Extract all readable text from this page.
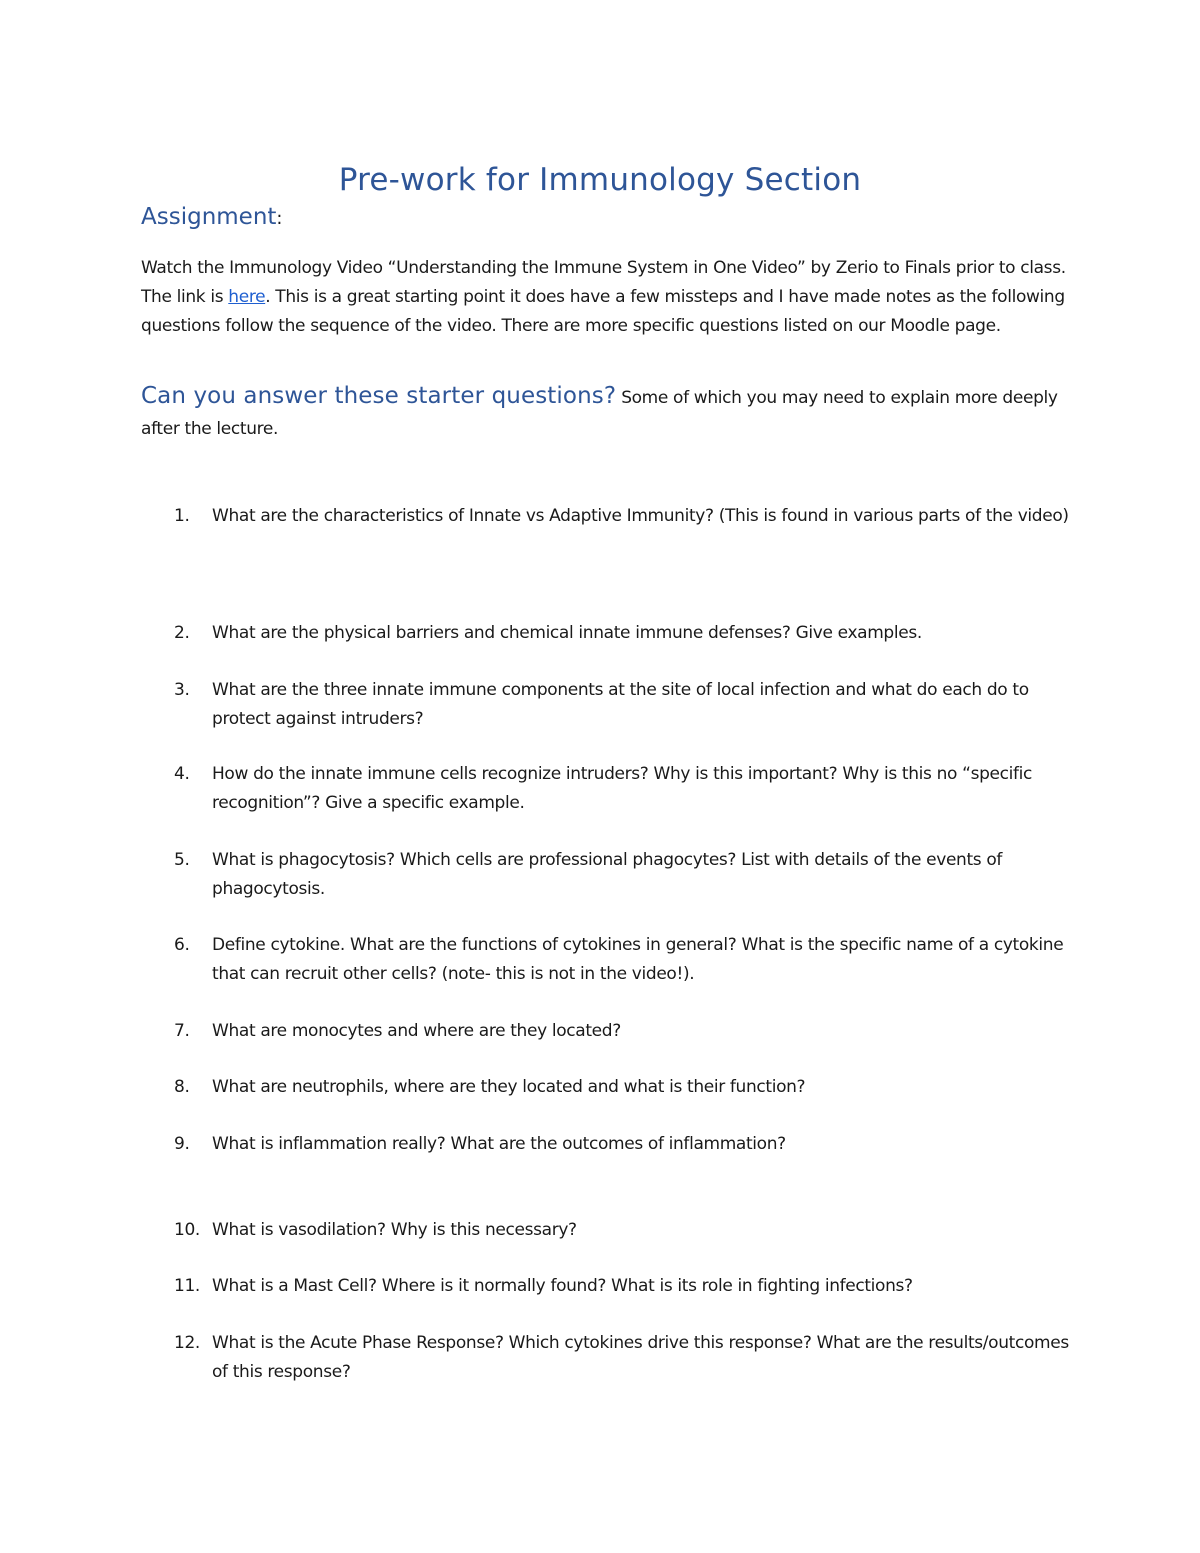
Pre-work for Immunology Section
Assignment:
Watch the Immunology Video “Understanding the Immune System in One Video” by Zerio to Finals prior to class. The link is here. This is a great starting point it does have a few missteps and I have made notes as the following questions follow the sequence of the video. There are more specific questions listed on our Moodle page.
Can you answer these starter questions? Some of which you may need to explain more deeply after the lecture.
1.	What are the characteristics of Innate vs Adaptive Immunity? (This is found in various parts of the video)
2.	What are the physical barriers and chemical innate immune defenses? Give examples.
3.	What are the three innate immune components at the site of local infection and what do each do to protect against intruders?
4.	How do the innate immune cells recognize intruders? Why is this important? Why is this no “specific recognition”? Give a specific example.
5.	What is phagocytosis? Which cells are professional phagocytes? List with details of the events of phagocytosis.
6.	Define cytokine. What are the functions of cytokines in general? What is the specific name of a cytokine that can recruit other cells? (note- this is not in the video!).
7.	What are monocytes and where are they located?
8.	What are neutrophils, where are they located and what is their function?
9.	What is inflammation really? What are the outcomes of inflammation?
10. What is vasodilation? Why is this necessary?
11. What is a Mast Cell? Where is it normally found? What is its role in fighting infections?
12. What is the Acute Phase Response? Which cytokines drive this response? What are the results/outcomes of this response?
